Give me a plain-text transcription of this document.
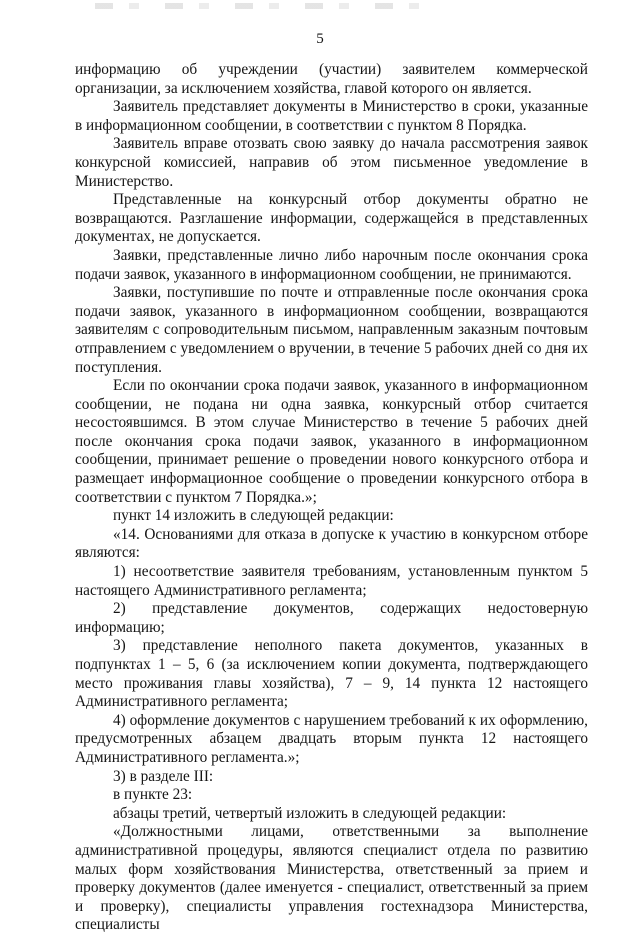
5

информацию об учреждении (участии) заявителем коммерческой организации, за исключением хозяйства, главой которого он является.

Заявитель представляет документы в Министерство в сроки, указанные в информационном сообщении, в соответствии с пунктом 8 Порядка.

Заявитель вправе отозвать свою заявку до начала рассмотрения заявок конкурсной комиссией, направив об этом письменное уведомление в Министерство.

Представленные на конкурсный отбор документы обратно не возвращаются. Разглашение информации, содержащейся в представленных документах, не допускается.

Заявки, представленные лично либо нарочным после окончания срока подачи заявок, указанного в информационном сообщении, не принимаются.

Заявки, поступившие по почте и отправленные после окончания срока подачи заявок, указанного в информационном сообщении, возвращаются заявителям с сопроводительным письмом, направленным заказным почтовым отправлением с уведомлением о вручении, в течение 5 рабочих дней со дня их поступления.

Если по окончании срока подачи заявок, указанного в информационном сообщении, не подана ни одна заявка, конкурсный отбор считается несостоявшимся. В этом случае Министерство в течение 5 рабочих дней после окончания срока подачи заявок, указанного в информационном сообщении, принимает решение о проведении нового конкурсного отбора и размещает информационное сообщение о проведении конкурсного отбора в соответствии с пунктом 7 Порядка.»;

пункт 14 изложить в следующей редакции:

«14. Основаниями для отказа в допуске к участию в конкурсном отборе являются:

1) несоответствие заявителя требованиям, установленным пунктом 5 настоящего Административного регламента;

2) представление документов, содержащих недостоверную информацию;

3) представление неполного пакета документов, указанных в подпунктах 1 – 5, 6 (за исключением копии документа, подтверждающего место проживания главы хозяйства), 7 – 9, 14 пункта 12 настоящего Административного регламента;

4) оформление документов с нарушением требований к их оформлению, предусмотренных абзацем двадцать вторым пункта 12 настоящего Административного регламента.»;

3) в разделе III:

в пункте 23:

абзацы третий, четвертый изложить в следующей редакции:

«Должностными лицами, ответственными за выполнение административной процедуры, являются специалист отдела по развитию малых форм хозяйствования Министерства, ответственный за прием и проверку документов (далее именуется - специалист, ответственный за прием и проверку), специалисты управления гостехнадзора Министерства, специалисты
